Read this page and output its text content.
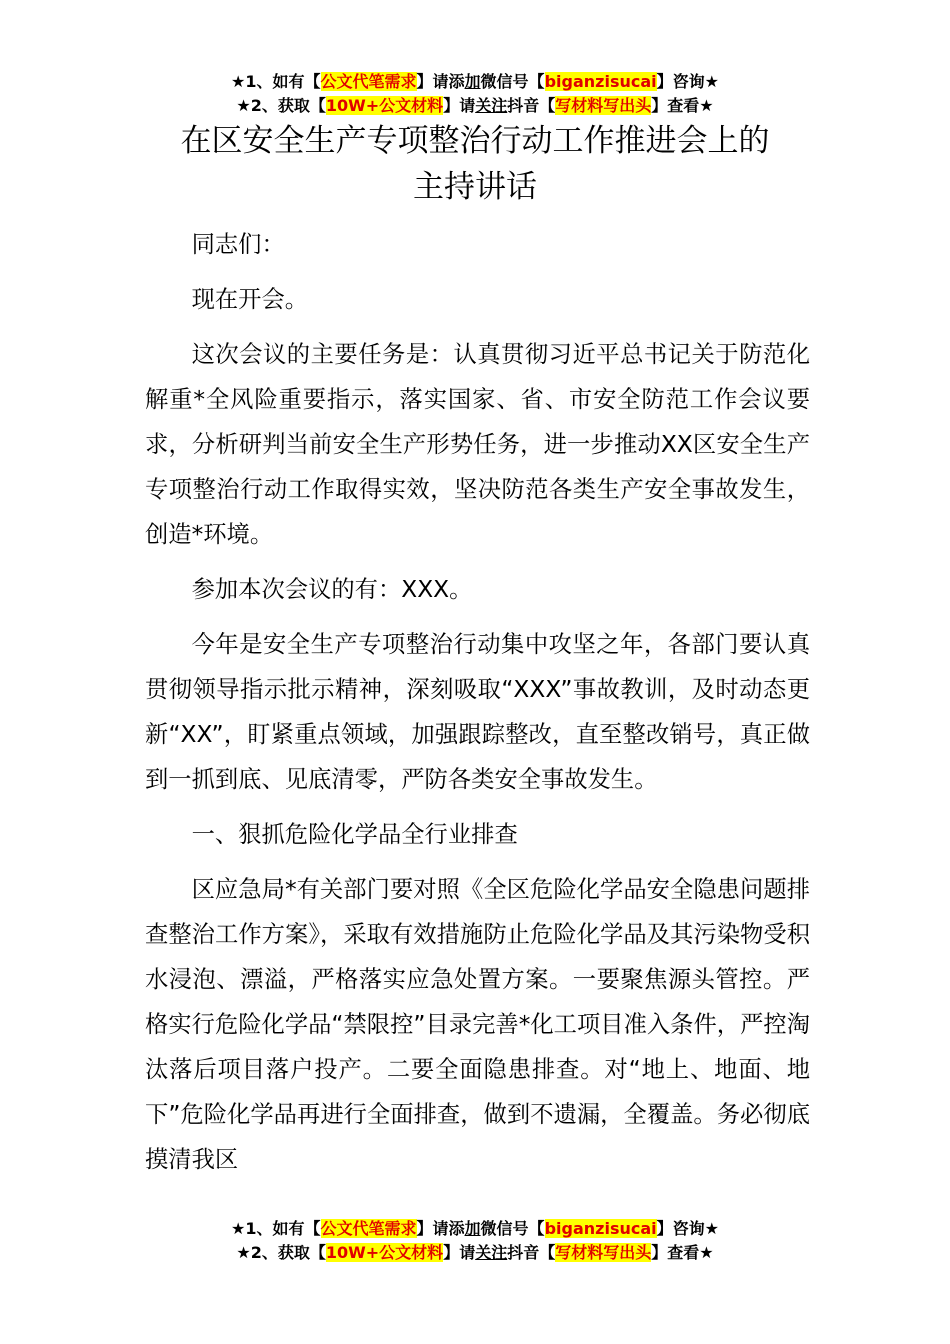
★1、如有【公文代笔需求】请添加微信号【biganzisucai】咨询★
★2、获取【10W+公文材料】请关注抖音【写材料写出头】查看★
在区安全生产专项整治行动工作推进会上的
主持讲话

同志们：

现在开会。

这次会议的主要任务是：认真贯彻习近平总书记关于防范化解重*全风险重要指示，落实国家、省、市安全防范工作会议要求，分析研判当前安全生产形势任务，进一步推动XX区安全生产专项整治行动工作取得实效，坚决防范各类生产安全事故发生，创造*环境。

参加本次会议的有：XXX。

今年是安全生产专项整治行动集中攻坚之年，各部门要认真贯彻领导指示批示精神，深刻吸取“XXX”事故教训，及时动态更新“XX”，盯紧重点领域，加强跟踪整改，直至整改销号，真正做到一抓到底、见底清零，严防各类安全事故发生。

一、狠抓危险化学品全行业排查

区应急局*有关部门要对照《全区危险化学品安全隐患问题排查整治工作方案》，采取有效措施防止危险化学品及其污染物受积水浸泡、漂溢，严格落实应急处置方案。一要聚焦源头管控。严格实行危险化学品“禁限控”目录完善*化工项目准入条件，严控淘汰落后项目落户投产。二要全面隐患排查。对“地上、地面、地下”危险化学品再进行全面排查，做到不遗漏，全覆盖。务必彻底摸清我区

★1、如有【公文代笔需求】请添加微信号【biganzisucai】咨询★
★2、获取【10W+公文材料】请关注抖音【写材料写出头】查看★
